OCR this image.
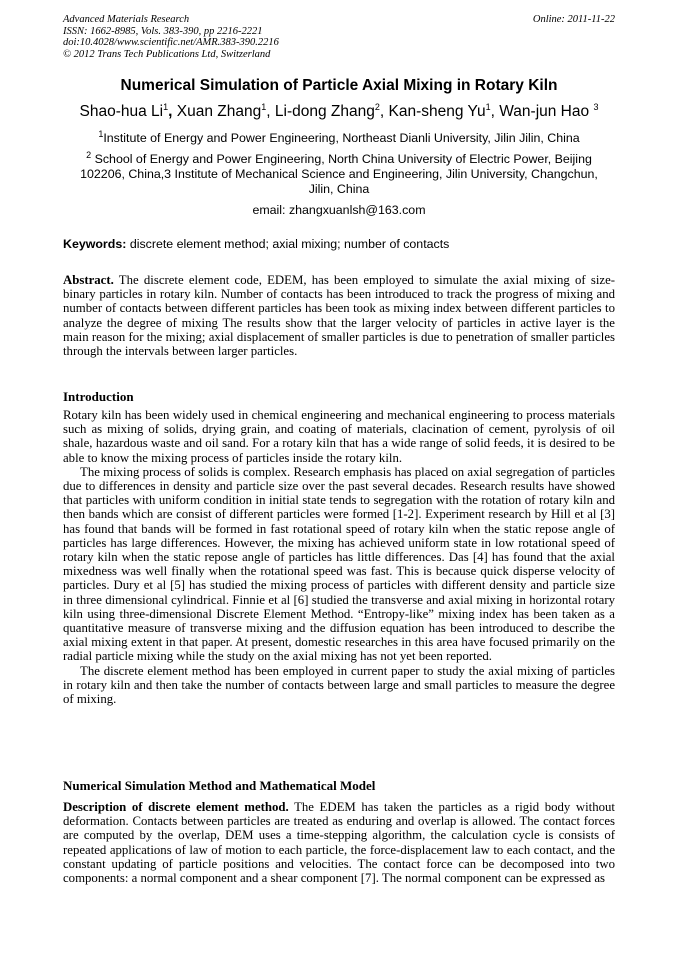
Advanced Materials Research	Online: 2011-11-22
ISSN: 1662-8985, Vols. 383-390, pp 2216-2221
doi:10.4028/www.scientific.net/AMR.383-390.2216
© 2012 Trans Tech Publications Ltd, Switzerland
Numerical Simulation of Particle Axial Mixing in Rotary Kiln
Shao-hua Li$^1$, Xuan Zhang$^1$, Li-dong Zhang$^2$, Kan-sheng Yu$^1$, Wan-jun Hao $^3$
$^1$Institute of Energy and Power Engineering, Northeast Dianli University, Jilin Jilin, China
$^2$ School of Energy and Power Engineering, North China University of Electric Power, Beijing 102206, China,3 Institute of Mechanical Science and Engineering, Jilin University, Changchun, Jilin, China
email: zhangxuanlsh@163.com
Keywords: discrete element method; axial mixing; number of contacts
Abstract. The discrete element code, EDEM, has been employed to simulate the axial mixing of size-binary particles in rotary kiln. Number of contacts has been introduced to track the progress of mixing and number of contacts between different particles has been took as mixing index between different particles to analyze the degree of mixing The results show that the larger velocity of particles in active layer is the main reason for the mixing; axial displacement of smaller particles is due to penetration of smaller particles through the intervals between larger particles.
Introduction

Rotary kiln has been widely used in chemical engineering and mechanical engineering to process materials such as mixing of solids, drying grain, and coating of materials, clacination of cement, pyrolysis of oil shale, hazardous waste and oil sand. For a rotary kiln that has a wide range of solid feeds, it is desired to be able to know the mixing process of particles inside the rotary kiln.

The mixing process of solids is complex. Research emphasis has placed on axial segregation of particles due to differences in density and particle size over the past several decades. Research results have showed that particles with uniform condition in initial state tends to segregation with the rotation of rotary kiln and then bands which are consist of different particles were formed [1-2]. Experiment research by Hill et al [3] has found that bands will be formed in fast rotational speed of rotary kiln when the static repose angle of particles has large differences. However, the mixing has achieved uniform state in low rotational speed of rotary kiln when the static repose angle of particles has little differences. Das [4] has found that the axial mixedness was well finally when the rotational speed was fast. This is because quick disperse velocity of particles. Dury et al [5] has studied the mixing process of particles with different density and particle size in three dimensional cylindrical. Finnie et al [6] studied the transverse and axial mixing in horizontal rotary kiln using three-dimensional Discrete Element Method. “Entropy-like” mixing index has been taken as a quantitative measure of transverse mixing and the diffusion equation has been introduced to describe the axial mixing extent in that paper. At present, domestic researches in this area have focused primarily on the radial particle mixing while the study on the axial mixing has not yet been reported.

The discrete element method has been employed in current paper to study the axial mixing of particles in rotary kiln and then take the number of contacts between large and small particles to measure the degree of mixing.

Numerical Simulation Method and Mathematical Model
Description of discrete element method. The EDEM has taken the particles as a rigid body without deformation. Contacts between particles are treated as enduring and overlap is allowed. The contact forces are computed by the overlap, DEM uses a time-stepping algorithm, the calculation cycle is consists of repeated applications of law of motion to each particle, the force-displacement law to each contact, and the constant updating of particle positions and velocities. The contact force can be decomposed into two components: a normal component and a shear component [7]. The normal component can be expressed as
